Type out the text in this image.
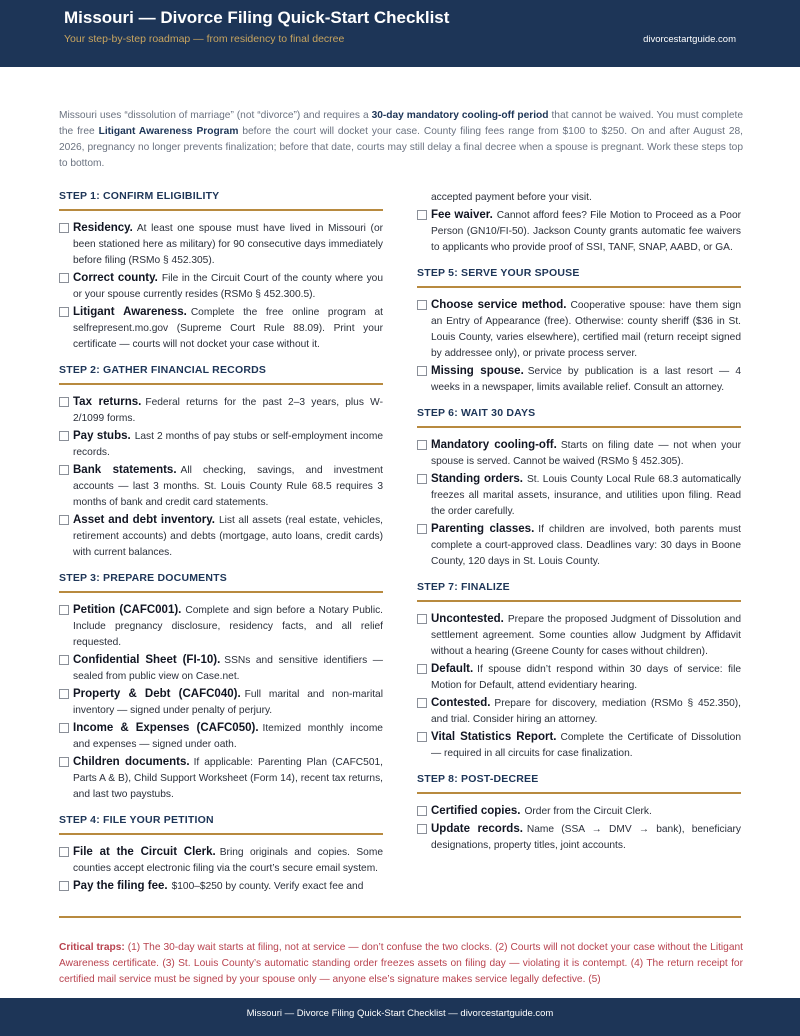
Missouri — Divorce Filing Quick-Start Checklist
Your step-by-step roadmap — from residency to final decree	divorcestartguide.com
Missouri uses “dissolution of marriage” (not “divorce”) and requires a 30-day mandatory cooling-off period that cannot be waived. You must complete the free Litigant Awareness Program before the court will docket your case. County filing fees range from $100 to $250. On and after August 28, 2026, pregnancy no longer prevents finalization; before that date, courts may still delay a final decree when a spouse is pregnant. Work these steps top to bottom.
STEP 1: CONFIRM ELIGIBILITY
Residency. At least one spouse must have lived in Missouri (or been stationed here as military) for 90 consecutive days immediately before filing (RSMo § 452.305).
Correct county. File in the Circuit Court of the county where you or your spouse currently resides (RSMo § 452.300.5).
Litigant Awareness. Complete the free online program at selfrepresent.mo.gov (Supreme Court Rule 88.09). Print your certificate — courts will not docket your case without it.
STEP 2: GATHER FINANCIAL RECORDS
Tax returns. Federal returns for the past 2–3 years, plus W-2/1099 forms.
Pay stubs. Last 2 months of pay stubs or self-employment income records.
Bank statements. All checking, savings, and investment accounts — last 3 months. St. Louis County Rule 68.5 requires 3 months of bank and credit card statements.
Asset and debt inventory. List all assets (real estate, vehicles, retirement accounts) and debts (mortgage, auto loans, credit cards) with current balances.
STEP 3: PREPARE DOCUMENTS
Petition (CAFC001). Complete and sign before a Notary Public. Include pregnancy disclosure, residency facts, and all relief requested.
Confidential Sheet (FI-10). SSNs and sensitive identifiers — sealed from public view on Case.net.
Property & Debt (CAFC040). Full marital and non-marital inventory — signed under penalty of perjury.
Income & Expenses (CAFC050). Itemized monthly income and expenses — signed under oath.
Children documents. If applicable: Parenting Plan (CAFC501, Parts A & B), Child Support Worksheet (Form 14), recent tax returns, and last two paystubs.
STEP 4: FILE YOUR PETITION
File at the Circuit Clerk. Bring originals and copies. Some counties accept electronic filing via the court’s secure email system.
Pay the filing fee. $100–$250 by county. Verify exact fee and
accepted payment before your visit.
Fee waiver. Cannot afford fees? File Motion to Proceed as a Poor Person (GN10/FI-50). Jackson County grants automatic fee waivers to applicants who provide proof of SSI, TANF, SNAP, AABD, or GA.
STEP 5: SERVE YOUR SPOUSE
Choose service method. Cooperative spouse: have them sign an Entry of Appearance (free). Otherwise: county sheriff ($36 in St. Louis County, varies elsewhere), certified mail (return receipt signed by addressee only), or private process server.
Missing spouse. Service by publication is a last resort — 4 weeks in a newspaper, limits available relief. Consult an attorney.
STEP 6: WAIT 30 DAYS
Mandatory cooling-off. Starts on filing date — not when your spouse is served. Cannot be waived (RSMo § 452.305).
Standing orders. St. Louis County Local Rule 68.3 automatically freezes all marital assets, insurance, and utilities upon filing. Read the order carefully.
Parenting classes. If children are involved, both parents must complete a court-approved class. Deadlines vary: 30 days in Boone County, 120 days in St. Louis County.
STEP 7: FINALIZE
Uncontested. Prepare the proposed Judgment of Dissolution and settlement agreement. Some counties allow Judgment by Affidavit without a hearing (Greene County for cases without children).
Default. If spouse didn’t respond within 30 days of service: file Motion for Default, attend evidentiary hearing.
Contested. Prepare for discovery, mediation (RSMo § 452.350), and trial. Consider hiring an attorney.
Vital Statistics Report. Complete the Certificate of Dissolution — required in all circuits for case finalization.
STEP 8: POST-DECREE
Certified copies. Order from the Circuit Clerk.
Update records. Name (SSA → DMV → bank), beneficiary designations, property titles, joint accounts.
Critical traps: (1) The 30-day wait starts at filing, not at service — don’t confuse the two clocks. (2) Courts will not docket your case without the Litigant Awareness certificate. (3) St. Louis County’s automatic standing order freezes assets on filing day — violating it is contempt. (4) The return receipt for certified mail service must be signed by your spouse only — anyone else’s signature makes service legally defective. (5)
Missouri — Divorce Filing Quick-Start Checklist — divorcestartguide.com
